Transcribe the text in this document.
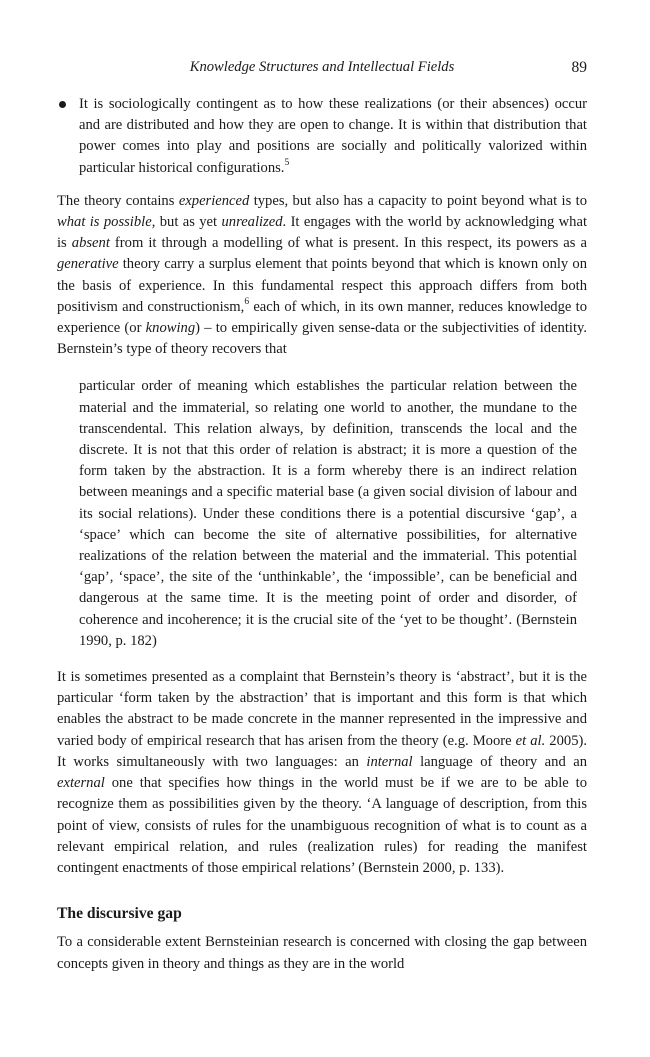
Knowledge Structures and Intellectual Fields	89
It is sociologically contingent as to how these realizations (or their absences) occur and are distributed and how they are open to change. It is within that distribution that power comes into play and positions are socially and politically valorized within particular historical configurations.$^5$

The theory contains experienced types, but also has a capacity to point beyond what is to what is possible, but as yet unrealized. It engages with the world by acknowledging what is absent from it through a modelling of what is present. In this respect, its powers as a generative theory carry a surplus element that points beyond that which is known only on the basis of experience. In this fundamental respect this approach differs from both positivism and constructionism,$^6$ each of which, in its own manner, reduces knowledge to experience (or knowing) – to empirically given sense-data or the subjectivities of identity. Bernstein’s type of theory recovers that

particular order of meaning which establishes the particular relation between the material and the immaterial, so relating one world to another, the mundane to the transcendental. This relation always, by definition, transcends the local and the discrete. It is not that this order of relation is abstract; it is more a question of the form taken by the abstraction. It is a form whereby there is an indirect relation between meanings and a specific material base (a given social division of labour and its social relations). Under these conditions there is a potential discursive ‘gap’, a ‘space’ which can become the site of alternative possibilities, for alternative realizations of the relation between the material and the immaterial. This potential ‘gap’, ‘space’, the site of the ‘unthinkable’, the ‘impossible’, can be beneficial and dangerous at the same time. It is the meeting point of order and disorder, of coherence and incoherence; it is the crucial site of the ‘yet to be thought’. (Bernstein 1990, p. 182)

It is sometimes presented as a complaint that Bernstein’s theory is ‘abstract’, but it is the particular ‘form taken by the abstraction’ that is important and this form is that which enables the abstract to be made concrete in the manner represented in the impressive and varied body of empirical research that has arisen from the theory (e.g. Moore et al. 2005). It works simultaneously with two languages: an internal language of theory and an external one that specifies how things in the world must be if we are to be able to recognize them as possibilities given by the theory. ‘A language of description, from this point of view, consists of rules for the unambiguous recognition of what is to count as a relevant empirical relation, and rules (realization rules) for reading the manifest contingent enactments of those empirical relations’ (Bernstein 2000, p. 133).

The discursive gap

To a considerable extent Bernsteinian research is concerned with closing the gap between concepts given in theory and things as they are in the world
